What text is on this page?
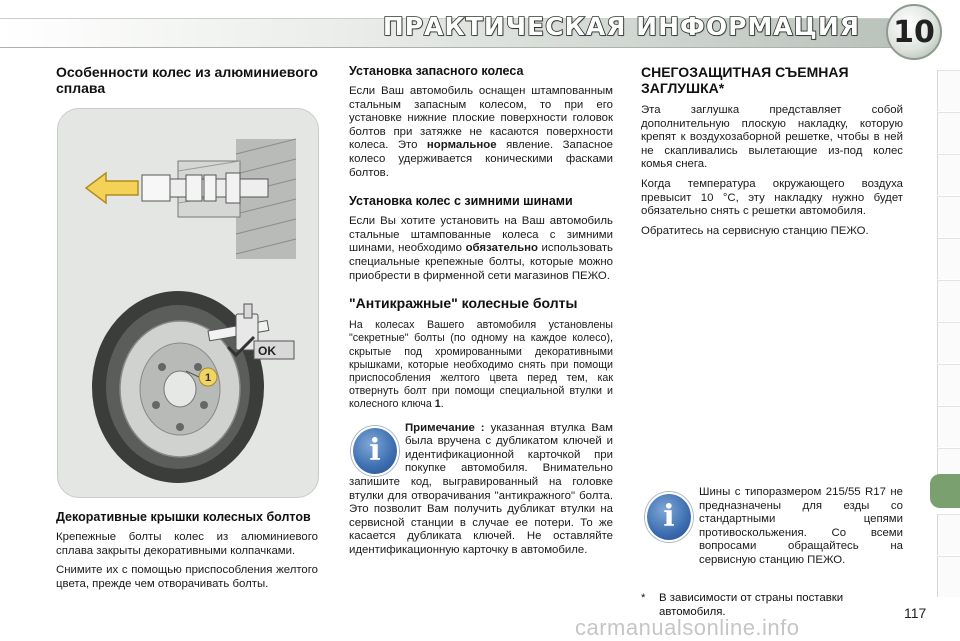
ПРАКТИЧЕСКАЯ ИНФОРМАЦИЯ 10
Особенности колес из алюминиевого сплава
OK
1
Декоративные крышки колесных болтов
Крепежные болты колес из алюминиевого сплава закрыты декоративными колпачками.
Снимите их с помощью приспособления желтого цвета, прежде чем отворачивать болты.
Установка запасного колеса
Если Ваш автомобиль оснащен штампованным стальным запасным колесом, то при его установке нижние плоские поверхности головок болтов при затяжке не касаются поверхности колеса. Это нормальное явление. Запасное колесо удерживается коническими фасками болтов.
Установка колес с зимними шинами
Если Вы хотите установить на Ваш автомобиль стальные штампованные колеса с зимними шинами, необходимо обязательно использовать специальные крепежные болты, которые можно приобрести в фирменной сети магазинов ПЕЖО.
"Антикражные" колесные болты
На колесах Вашего автомобиля установлены "секретные" болты (по одному на каждое колесо), скрытые под хромированными декоративными крышками, которые необходимо снять при помощи приспособления желтого цвета перед тем, как отвернуть болт при помощи специальной втулки и колесного ключа 1.
i
Примечание : указанная втулка Вам была вручена с дубликатом ключей и идентификационной карточкой при покупке автомобиля. Внимательно запишите код, выгравированный на головке втулки для отворачивания "антикражного" болта. Это позволит Вам получить дубликат втулки на сервисной станции в случае ее потери. То же касается дубликата ключей. Не оставляйте идентификационную карточку в автомобиле.
СНЕГОЗАЩИТНАЯ СЪЕМНАЯ ЗАГЛУШКА*
Эта заглушка представляет собой дополнительную плоскую накладку, которую крепят к воздухозаборной решетке, чтобы в ней не скапливались вылетающие из-под колес комья снега.
Когда температура окружающего воздуха превысит 10 °C, эту накладку нужно будет обязательно снять с решетки автомобиля.
Обратитесь на сервисную станцию ПЕЖО.
i
Шины с типоразмером 215/55 R17 не предназначены для езды со стандартными цепями противоскольжения. Со всеми вопросами обращайтесь на сервисную станцию ПЕЖО.
* В зависимости от страны поставки автомобиля.	117
carmanualsonline.info
